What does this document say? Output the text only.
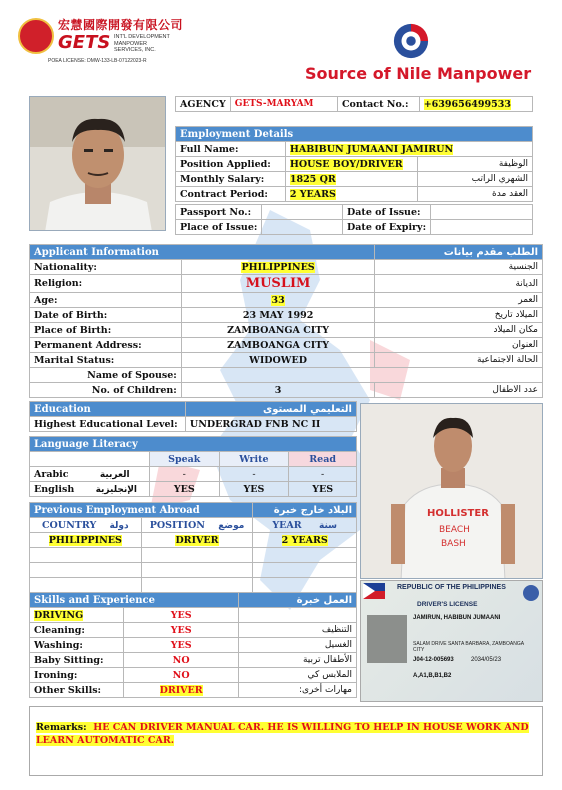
宏慧國際開發有限公司
GETS INT'L DEVELOPMENT MANPOWER SERVICES, INC.
POEA LICENSE: DMW-133-LB-07122023-R
Source of Nile Manpower
AGENCY	GETS-MARYAM	Contact No.:	+639656499533

Employment Details		
Full Name:	HABIBUN JUMAANI JAMIRUN	
Position Applied:	HOUSE BOY/DRIVER	الوظيفة
Monthly Salary:	1825 QR	الشهري الراتب
Contract Period:	2 YEARS	العقد مدة
Passport No.:		Date of Issue:	
Place of Issue:		Date of Expiry:	
Applicant Information		الطلب مقدم بيانات
Nationality:	PHILIPPINES	الجنسية
Religion:	MUSLIM	الديانة
Age:	33	العمر
Date of Birth:	23 MAY 1992	الميلاد تاريخ
Place of Birth:	ZAMBOANGA CITY	مكان الميلاد
Permanent Address:	ZAMBOANGA CITY	العنوان
Marital Status:	WIDOWED	الحالة الاجتماعية
Name of Spouse:		
No. of Children:	3	عدد الاطفال
Education	التعليمي المستوى
Highest Educational Level:	UNDERGRAD FNB NC II
Language Literacy			
	Speak	Write	Read
Arabic العربية	-	-	-
English الإنجليزية	YES	YES	YES
Previous Employment Abroad		البلاد خارج خبرة
COUNTRY دولة	POSITION موضع	YEAR سنة
PHILIPPINES	DRIVER	2 YEARS

Skills and Experience		العمل خبرة
DRIVING	YES	
Cleaning:	YES	التنظيف
Washing:	YES	الغسيل
Baby Sitting:	NO	الأطفال تربية
Ironing:	NO	الملابس كي
Other Skills:	DRIVER	مهارات أخرى:
HOLLISTER
BEACH
BASH
REPUBLIC OF THE PHILIPPINES
DRIVER'S LICENSE
JAMIRUN, HABIBUN JUMAANI
SALAM DRIVE SANTA BARBARA, ZAMBOANGA CITY
J04-12-005693	2034/05/23
A,A1,B,B1,B2
Remarks: HE CAN DRIVER MANUAL CAR. HE IS WILLING TO HELP IN HOUSE WORK AND LEARN AUTOMATIC CAR.
